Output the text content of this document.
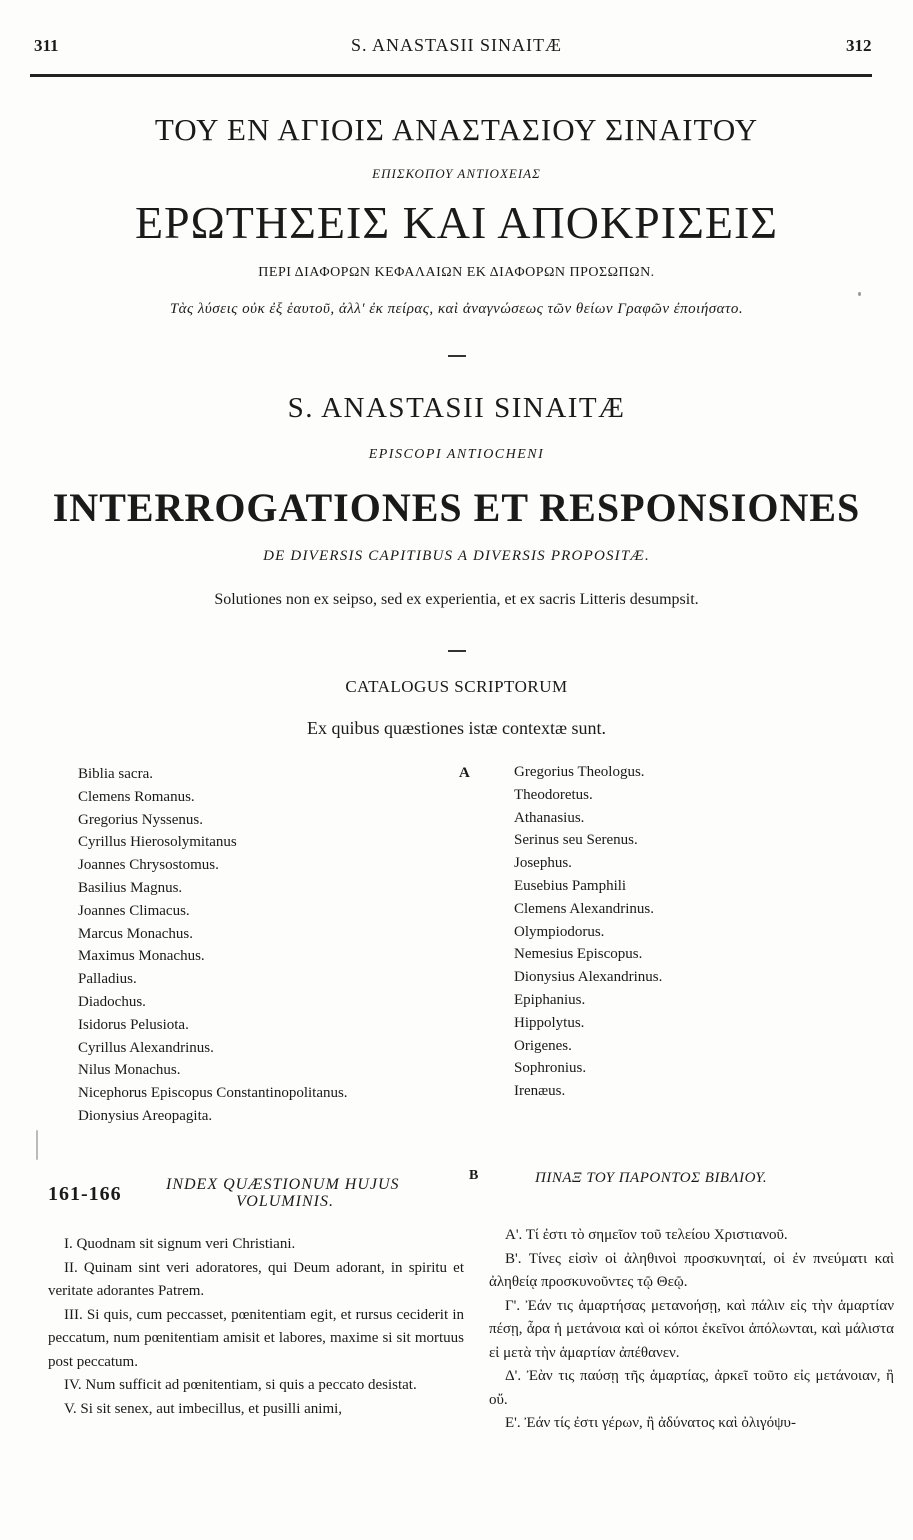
311	S. ANASTASII SINAITÆ	312
ΤΟΥ ΕΝ ΑΓΙΟΙΣ ΑΝΑΣΤΑΣΙΟΥ ΣΙΝΑΙΤΟΥ
ΕΠΙΣΚΟΠΟΥ ΑΝΤΙΟΧΕΙΑΣ
ΕΡΩΤΗΣΕΙΣ ΚΑΙ ΑΠΟΚΡΙΣΕΙΣ
ΠΕΡΙ ΔΙΑΦΟΡΩΝ ΚΕΦΑΛΑΙΩΝ ΕΚ ΔΙΑΦΟΡΩΝ ΠΡΟΣΩΠΩΝ.
Τὰς λύσεις οὐκ ἐξ ἑαυτοῦ, ἀλλ' ἐκ πείρας, καὶ ἀναγνώσεως τῶν θείων Γραφῶν ἐποιήσατο.
S. ANASTASII SINAITÆ
EPISCOPI ANTIOCHENI
INTERROGATIONES ET RESPONSIONES
DE DIVERSIS CAPITIBUS A DIVERSIS PROPOSITÆ.
Solutiones non ex seipso, sed ex experientia, et ex sacris Litteris desumpsit.
CATALOGUS SCRIPTORUM
Ex quibus quæstiones istæ contextæ sunt.
Biblia sacra.
Clemens Romanus.
Gregorius Nyssenus.
Cyrillus Hierosolymitanus
Joannes Chrysostomus.
Basilius Magnus.
Joannes Climacus.
Marcus Monachus.
Maximus Monachus.
Palladius.
Diadochus.
Isidorus Pelusiota.
Cyrillus Alexandrinus.
Nilus Monachus.
Nicephorus Episcopus Constantinopolitanus.
Dionysius Areopagita.
A	Gregorius Theologus.
Theodoretus.
Athanasius.
Serinus seu Serenus.
Josephus.
Eusebius Pamphili
Clemens Alexandrinus.
Olympiodorus.
Nemesius Episcopus.
Dionysius Alexandrinus.
Epiphanius.
Hippolytus.
Origenes.
Sophronius.
Irenæus.
161-166	INDEX QUÆSTIONUM HUJUS
VOLUMINIS.
B	ΠΙΝΑΞ ΤΟΥ ΠΑΡΟΝΤΟΣ ΒΙΒΛΙΟΥ.

I. Quodnam sit signum veri Christiani.

II. Quinam sint veri adoratores, qui Deum adorant, in spiritu et veritate adorantes Patrem.

III. Si quis, cum peccasset, pœnitentiam egit, et rursus ceciderit in peccatum, num pœnitentiam amisit et labores, maxime si sit mortuus post peccatum.

IV. Num sufficit ad pœnitentiam, si quis a peccato desistat.

V. Si sit senex, aut imbecillus, et pusilli animi,

Α'. Τί ἐστι τὸ σημεῖον τοῦ τελείου Χριστιανοῦ.

Β'. Τίνες εἰσὶν οἱ ἀληθινοὶ προσκυνηταί, οἱ ἐν πνεύματι καὶ ἀληθείᾳ προσκυνοῦντες τῷ Θεῷ.

Γ'. Ἐάν τις ἁμαρτήσας μετανοήσῃ, καὶ πάλιν εἰς τὴν ἁμαρτίαν πέσῃ, ἆρα ἡ μετάνοια καὶ οἱ κόποι ἐκεῖνοι ἀπόλωνται, καὶ μάλιστα εἰ μετὰ τὴν ἁμαρτίαν ἀπέθανεν.

Δ'. Ἐὰν τις παύσῃ τῆς ἁμαρτίας, ἀρκεῖ τοῦτο εἰς μετάνοιαν, ἢ οὔ.

Ε'. Ἐάν τίς ἐστι γέρων, ἢ ἀδύνατος καὶ ὀλιγόψυ-
